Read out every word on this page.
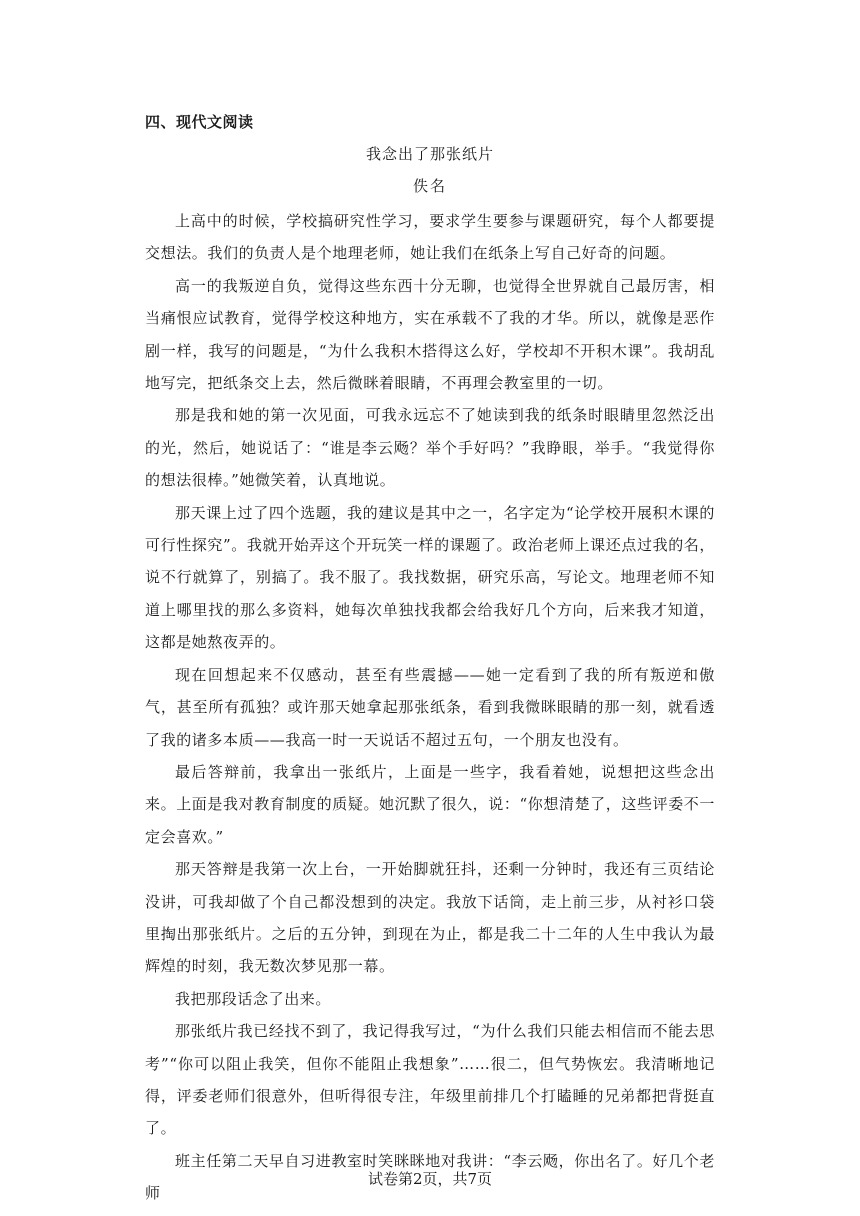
四、现代文阅读
我念出了那张纸片
佚名

上高中的时候，学校搞研究性学习，要求学生要参与课题研究，每个人都要提交想法。我们的负责人是个地理老师，她让我们在纸条上写自己好奇的问题。

高一的我叛逆自负，觉得这些东西十分无聊，也觉得全世界就自己最厉害，相当痛恨应试教育，觉得学校这种地方，实在承载不了我的才华。所以，就像是恶作剧一样，我写的问题是，“为什么我积木搭得这么好，学校却不开积木课”。我胡乱地写完，把纸条交上去，然后微眯着眼睛，不再理会教室里的一切。

那是我和她的第一次见面，可我永远忘不了她读到我的纸条时眼睛里忽然泛出的光，然后，她说话了：“谁是李云飏？举个手好吗？”我睁眼，举手。“我觉得你的想法很棒。”她微笑着，认真地说。

那天课上过了四个选题，我的建议是其中之一，名字定为“论学校开展积木课的可行性探究”。我就开始弄这个开玩笑一样的课题了。政治老师上课还点过我的名，说不行就算了，别搞了。我不服了。我找数据，研究乐高，写论文。地理老师不知道上哪里找的那么多资料，她每次单独找我都会给我好几个方向，后来我才知道，这都是她熬夜弄的。

现在回想起来不仅感动，甚至有些震撼——她一定看到了我的所有叛逆和傲气，甚至所有孤独？或许那天她拿起那张纸条，看到我微眯眼睛的那一刻，就看透了我的诸多本质——我高一时一天说话不超过五句，一个朋友也没有。

最后答辩前，我拿出一张纸片，上面是一些字，我看着她，说想把这些念出来。上面是我对教育制度的质疑。她沉默了很久，说：“你想清楚了，这些评委不一定会喜欢。”

那天答辩是我第一次上台，一开始脚就狂抖，还剩一分钟时，我还有三页结论没讲，可我却做了个自己都没想到的决定。我放下话筒，走上前三步，从衬衫口袋里掏出那张纸片。之后的五分钟，到现在为止，都是我二十二年的人生中我认为最辉煌的时刻，我无数次梦见那一幕。

我把那段话念了出来。

那张纸片我已经找不到了，我记得我写过，“为什么我们只能去相信而不能去思考”“你可以阻止我笑，但你不能阻止我想象”……很二，但气势恢宏。我清晰地记得，评委老师们很意外，但听得很专注，年级里前排几个打瞌睡的兄弟都把背挺直了。

班主任第二天早自习进教室时笑眯眯地对我讲：“李云飏，你出名了。好几个老师

试卷第2页，共7页
